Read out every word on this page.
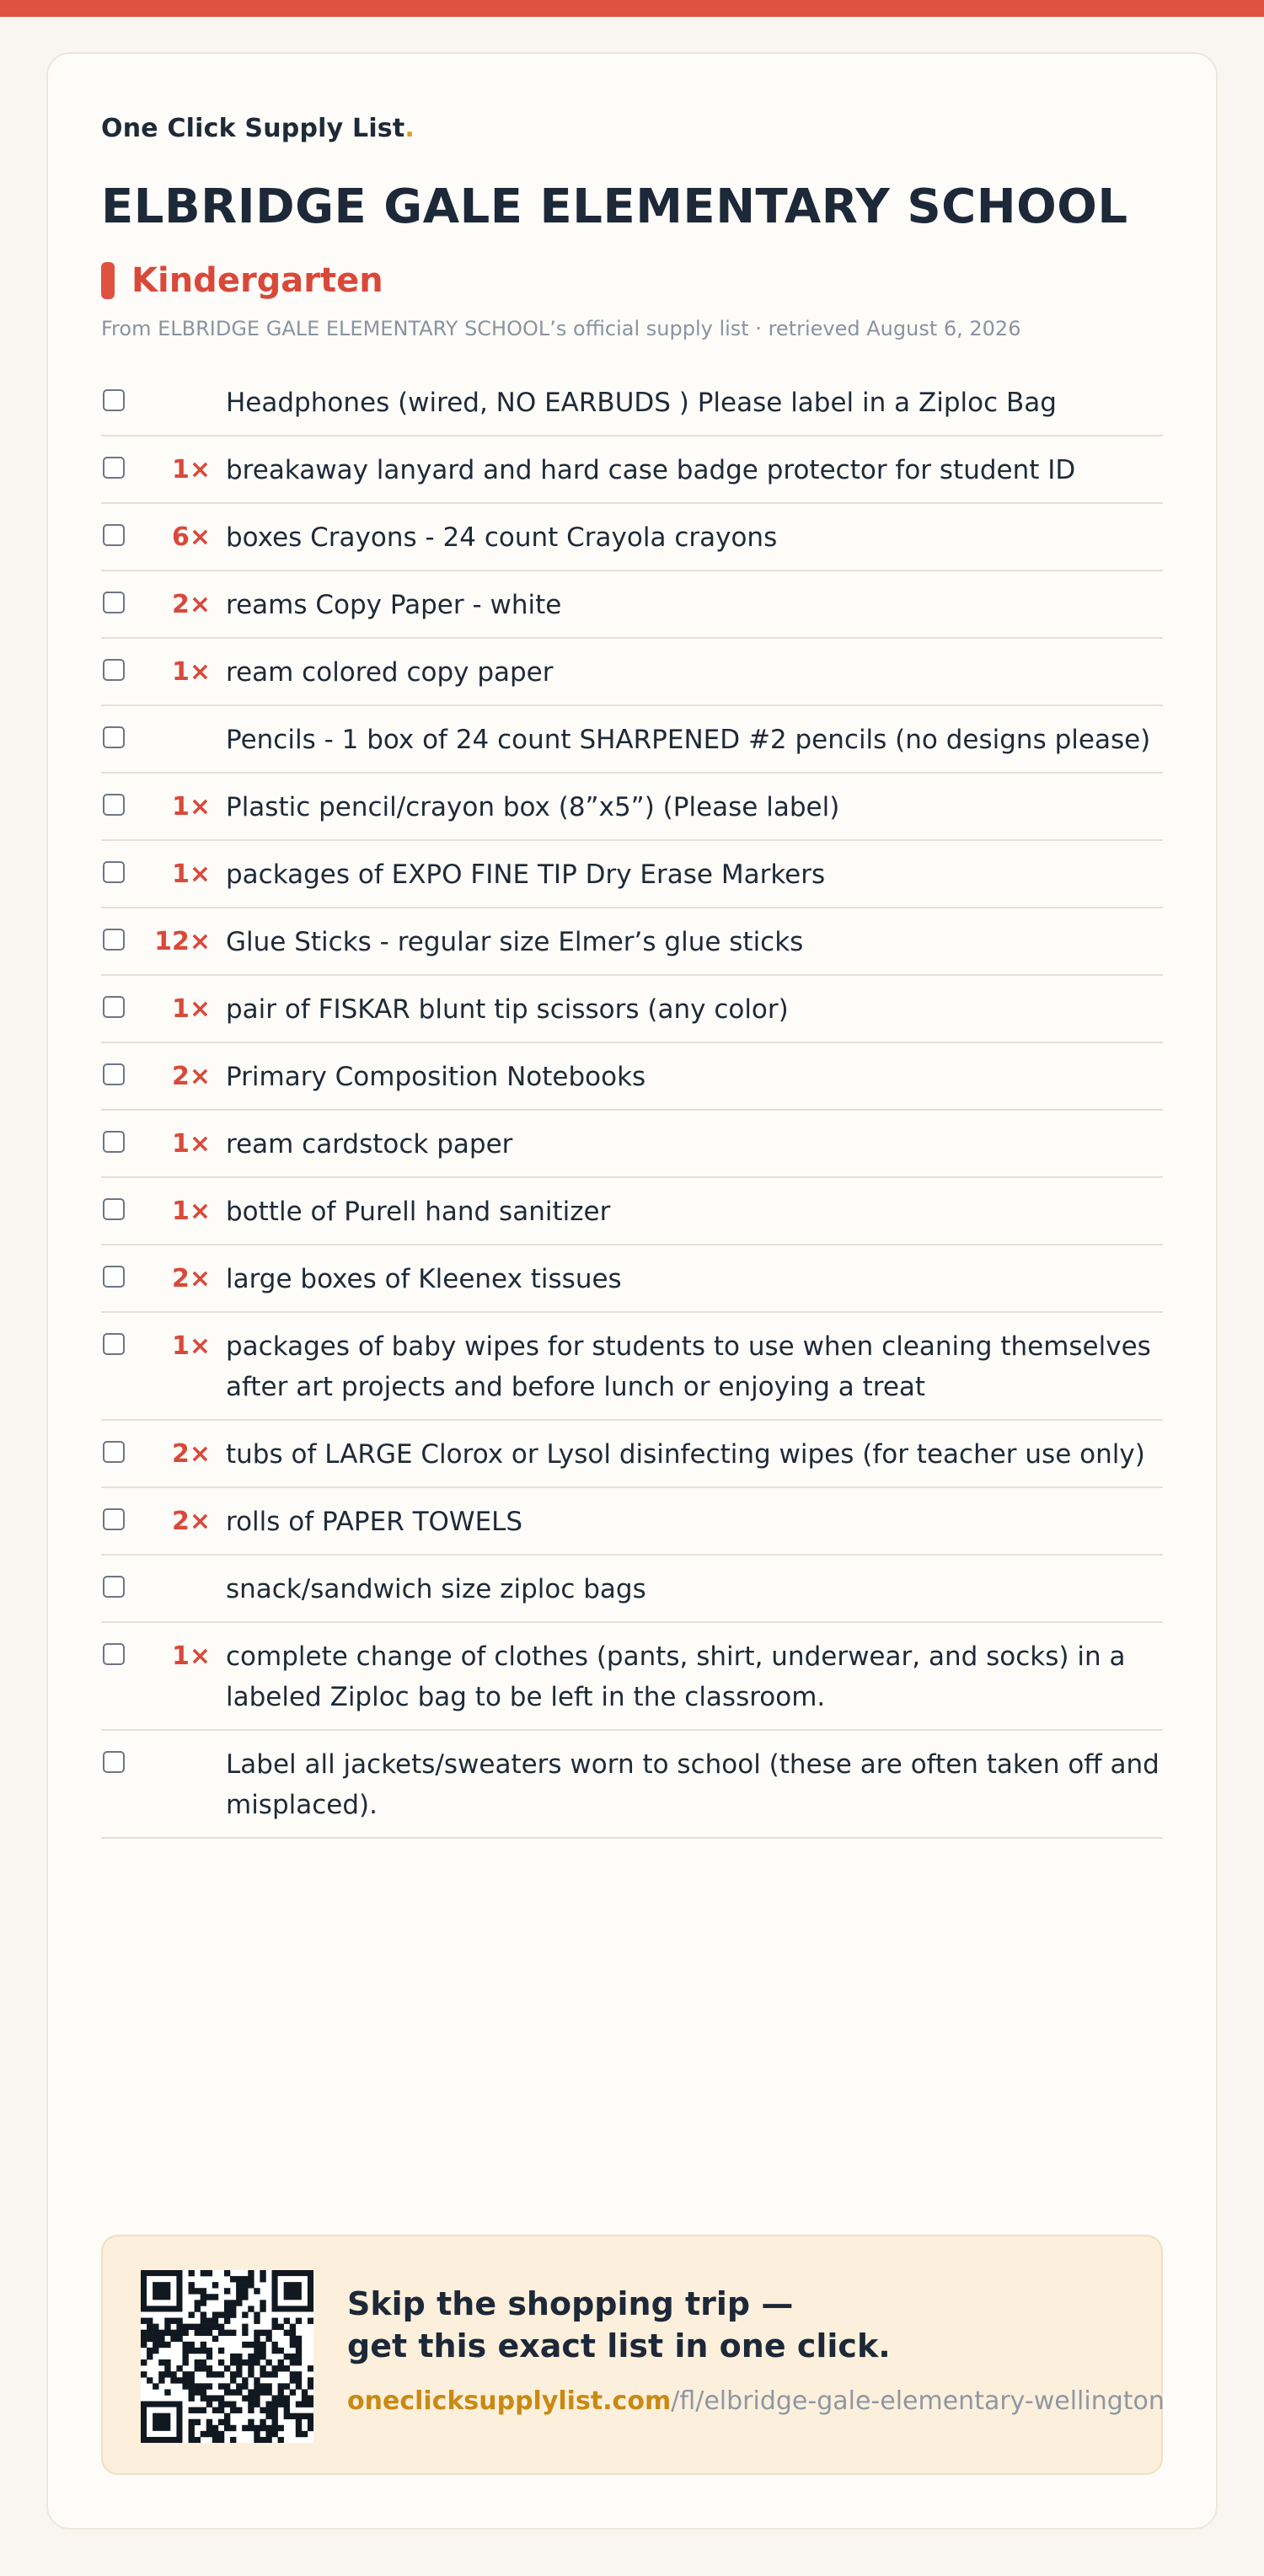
One Click Supply List.
ELBRIDGE GALE ELEMENTARY SCHOOL
Kindergarten
From ELBRIDGE GALE ELEMENTARY SCHOOL’s official supply list · retrieved August 6, 2026
Headphones (wired, NO EARBUDS ) Please label in a Ziploc Bag
1× breakaway lanyard and hard case badge protector for student ID
6× boxes Crayons - 24 count Crayola crayons
2× reams Copy Paper - white
1× ream colored copy paper
Pencils - 1 box of 24 count SHARPENED #2 pencils (no designs please)
1× Plastic pencil/crayon box (8”x5”) (Please label)
1× packages of EXPO FINE TIP Dry Erase Markers
12× Glue Sticks - regular size Elmer’s glue sticks
1× pair of FISKAR blunt tip scissors (any color)
2× Primary Composition Notebooks
1× ream cardstock paper
1× bottle of Purell hand sanitizer
2× large boxes of Kleenex tissues
1× packages of baby wipes for students to use when cleaning themselves after art projects and before lunch or enjoying a treat
2× tubs of LARGE Clorox or Lysol disinfecting wipes (for teacher use only)
2× rolls of PAPER TOWELS
snack/sandwich size ziploc bags
1× complete change of clothes (pants, shirt, underwear, and socks) in a labeled Ziploc bag to be left in the classroom.
Label all jackets/sweaters worn to school (these are often taken off and misplaced).
Skip the shopping trip —
get this exact list in one click.
oneclicksupplylist.com/fl/elbridge-gale-elementary-wellington
